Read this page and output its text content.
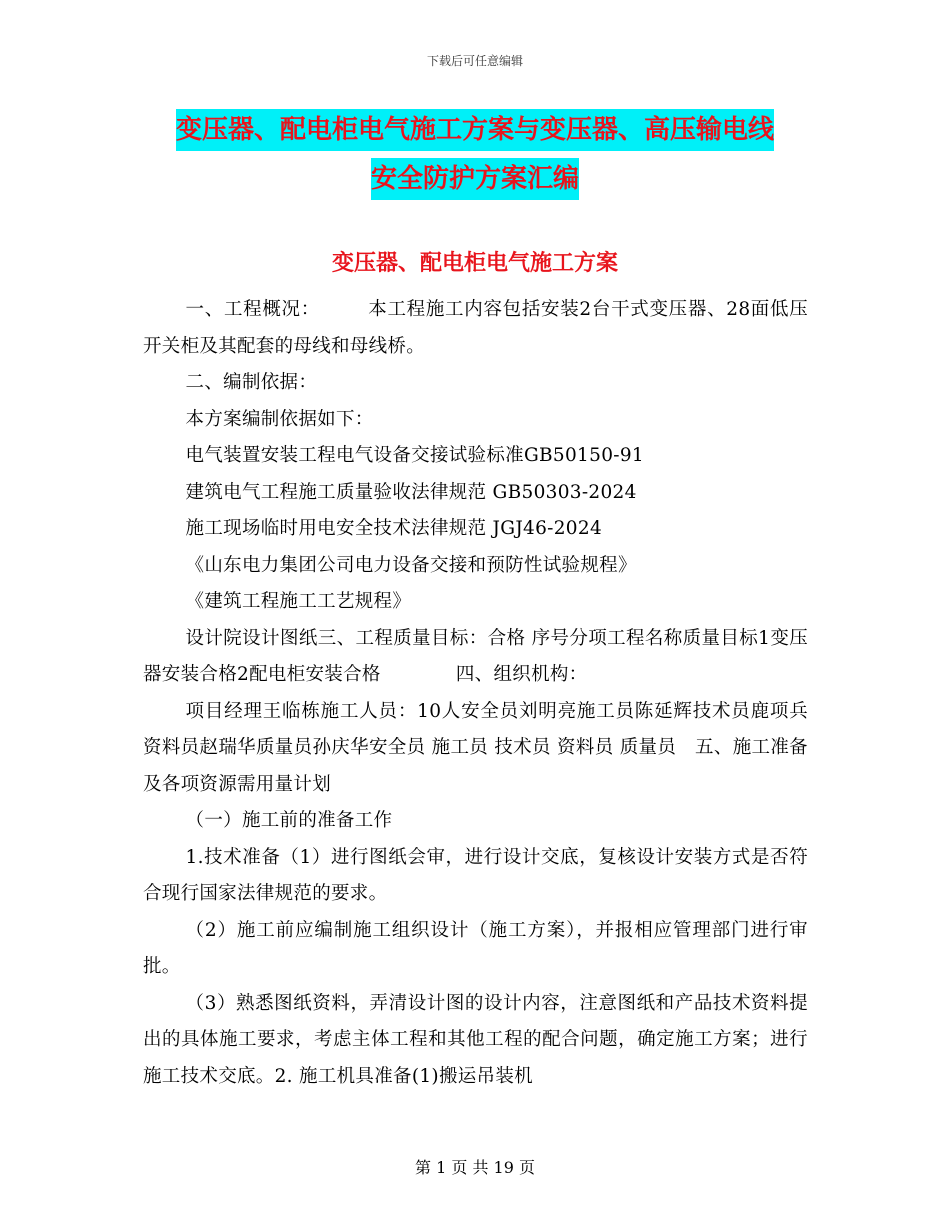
下载后可任意编辑
变压器、配电柜电气施工方案与变压器、高压输电线
安全防护方案汇编
变压器、配电柜电气施工方案

一、工程概况：　　　本工程施工内容包括安装2台干式变压器、28面低压开关柜及其配套的母线和母线桥。

二、编制依据：

本方案编制依据如下：

电气装置安装工程电气设备交接试验标准GB50150-91

建筑电气工程施工质量验收法律规范 GB50303-2024

施工现场临时用电安全技术法律规范 JGJ46-2024

《山东电力集团公司电力设备交接和预防性试验规程》

《建筑工程施工工艺规程》

设计院设计图纸三、工程质量目标：合格 序号分项工程名称质量目标1变压器安装合格2配电柜安装合格　　　　四、组织机构：

项目经理王临栋施工人员：10人安全员刘明亮施工员陈延辉技术员鹿项兵资料员赵瑞华质量员孙庆华安全员 施工员 技术员 资料员 质量员　五、施工准备及各项资源需用量计划

（一）施工前的准备工作

1.技术准备（1）进行图纸会审，进行设计交底，复核设计安装方式是否符合现行国家法律规范的要求。

（2）施工前应编制施工组织设计（施工方案），并报相应管理部门进行审批。

（3）熟悉图纸资料，弄清设计图的设计内容，注意图纸和产品技术资料提出的具体施工要求，考虑主体工程和其他工程的配合问题，确定施工方案；进行施工技术交底。2. 施工机具准备(1)搬运吊装机

第 1 页 共 19 页
